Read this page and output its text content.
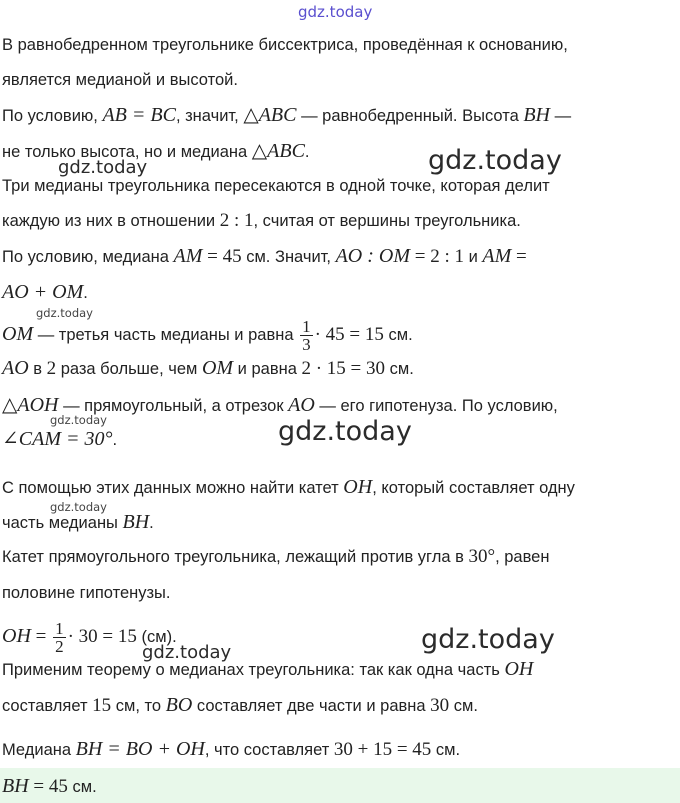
gdz.today
В равнобедренном треугольнике биссектриса, проведённая к основанию,
является медианой и высотой.
По условию, AB = BC, значит, △ABC — равнобедренный. Высота BH —
не только высота, но и медиана △ABC.
Три медианы треугольника пересекаются в одной точке, которая делит
каждую из них в отношении 2 : 1, считая от вершины треугольника.
По условию, медиана AM = 45 см. Значит, AO : OM = 2 : 1 и AM =
AO + OM.
OM — третья часть медианы и равна $\frac{1}{3} \cdot 45 = 15$ см.
AO в 2 раза больше, чем OM и равна 2 · 15 = 30 см.
△AOH — прямоугольный, а отрезок AO — его гипотенуза. По условию,
∠CAM = 30°.
С помощью этих данных можно найти катет OH, который составляет одну
часть медианы BH.
Катет прямоугольного треугольника, лежащий против угла в 30°, равен
половине гипотенузы.
OH = $\frac{1}{2} \cdot 30 = 15$ (см).
Применим теорему о медианах треугольника: так как одна часть OH
составляет 15 см, то BO составляет две части и равна 30 см.
Медиана BH = BO + OH, что составляет 30 + 15 = 45 см.
BH = 45 см.
gdz.today	gdz.today
gdz.today
gdz.today	gdz.today
gdz.today
gdz.today
gdz.today
